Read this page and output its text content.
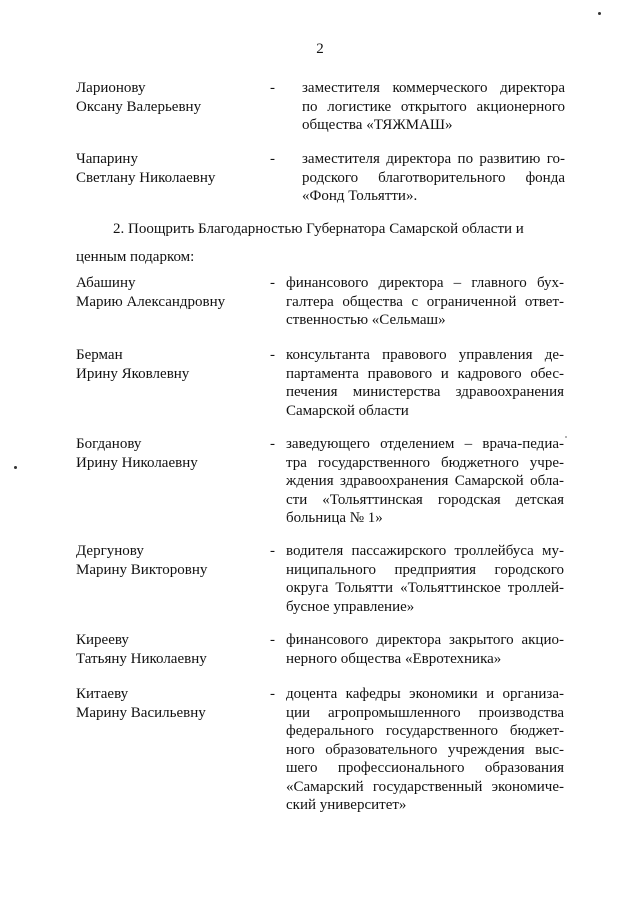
2
Ларионову
Оксану Валерьевну
- заместителя коммерческого директора
по логистике открытого акционерного
общества «ТЯЖМАШ»
Чапарину
Светлану Николаевну
- заместителя директора по развитию го-
родского благотворительного фонда
«Фонд Тольятти».
2. Поощрить Благодарностью Губернатора Самарской области и
ценным подарком:
Абашину
Марию Александровну
- финансового директора – главного бух-
галтера общества с ограниченной ответ-
ственностью «Сельмаш»
Берман
Ирину Яковлевну
- консультанта правового управления де-
партамента правового и кадрового обес-
печения министерства здравоохранения
Самарской области
Богданову
Ирину Николаевну
- заведующего отделением – врача-педиа-
тра государственного бюджетного учре-
ждения здравоохранения Самарской обла-
сти «Тольяттинская городская детская
больница № 1»
Дергунову
Марину Викторовну
- водителя пассажирского троллейбуса му-
ниципального предприятия городского
округа Тольятти «Тольяттинское троллей-
бусное управление»
Кирееву
Татьяну Николаевну
- финансового директора закрытого акцио-
нерного общества «Евротехника»
Китаеву
Марину Васильевну
- доцента кафедры экономики и организа-
ции агропромышленного производства
федерального государственного бюджет-
ного образовательного учреждения выс-
шего профессионального образования
«Самарский государственный экономиче-
ский университет»
